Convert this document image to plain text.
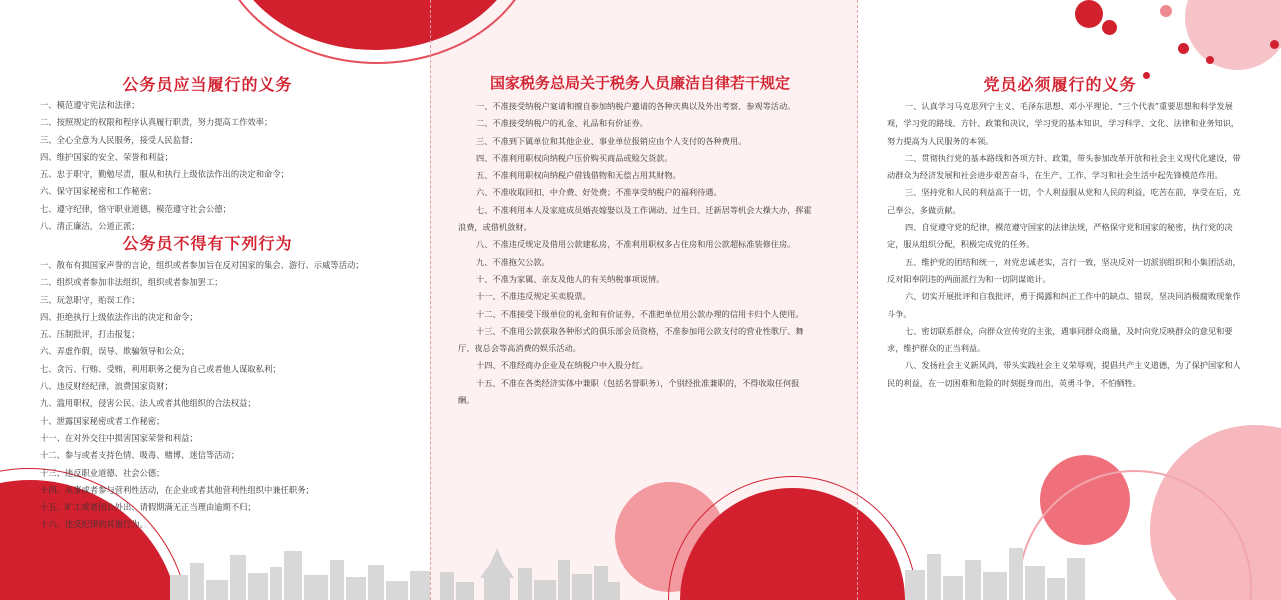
公务员应当履行的义务
一、模范遵守宪法和法律；
二、按照规定的权限和程序认真履行职责，努力提高工作效率；
三、全心全意为人民服务，接受人民监督；
四、维护国家的安全、荣誉和利益；
五、忠于职守，勤勉尽责，服从和执行上级依法作出的决定和命令；
六、保守国家秘密和工作秘密；
七、遵守纪律，恪守职业道德，模范遵守社会公德；
八、清正廉洁，公道正派；
公务员不得有下列行为
一、散布有损国家声誉的言论，组织或者参加旨在反对国家的集会、游行、示威等活动；
二、组织或者参加非法组织，组织或者参加罢工；
三、玩忽职守，贻误工作；
四、拒绝执行上级依法作出的决定和命令；
五、压制批评，打击报复；
六、弄虚作假，误导、欺骗领导和公众；
七、贪污、行贿、受贿，利用职务之便为自己或者他人谋取私利；
八、违反财经纪律，浪费国家资财；
九、滥用职权，侵害公民、法人或者其他组织的合法权益；
十、泄露国家秘密或者工作秘密；
十一、在对外交往中损害国家荣誉和利益；
十二、参与或者支持色情、吸毒、赌博、迷信等活动；
十三、违反职业道德、社会公德；
十四、从事或者参与营利性活动，在企业或者其他营利性组织中兼任职务；
十五、旷工或者因公外出、请假期满无正当理由逾期不归；
十六、违反纪律的其他行为。
国家税务总局关于税务人员廉洁自律若干规定

一、不准接受纳税户宴请和擅自参加纳税户邀请的各种庆典以及外出考察、参观等活动。

二、不准接受纳税户的礼金、礼品和有价证券。

三、不准到下属单位和其他企业、事业单位报销应由个人支付的各种费用。

四、不准利用职权向纳税户压价购买商品或赊欠货款。

五、不准利用职权向纳税户借钱借物和无偿占用其财物。

六、不准收取回扣、中介费、好处费；不准享受纳税户的福利待遇。

七、不准利用本人及家庭成员婚丧嫁娶以及工作调动、过生日、迁新居等机会大操大办，挥霍浪费，或借机敛财。

八、不准违反规定及借用公款建私房，不准利用职权多占住房和用公款超标准装修住房。

九、不准拖欠公款。

十、不准为家属、亲友及他人的有关纳税事项说情。

十一、不准违反规定买卖股票。

十二、不准接受下级单位的礼金和有价证券，不准把单位用公款办理的信用卡归个人使用。

十三、不准用公款获取各种形式的俱乐部会员资格，不准参加用公款支付的营业性歌厅、舞厅、夜总会等高消费的娱乐活动。

十四、不准经商办企业及在纳税户中入股分红。

十五、不准在各类经济实体中兼职（包括名誉职务），个别经批准兼职的，不得收取任何报酬。

党员必须履行的义务

一、认真学习马克思列宁主义、毛泽东思想、邓小平理论、“三个代表”重要思想和科学发展观，学习党的路线、方针、政策和决议，学习党的基本知识，学习科学、文化、法律和业务知识，努力提高为人民服务的本领。

二、贯彻执行党的基本路线和各项方针、政策，带头参加改革开放和社会主义现代化建设，带动群众为经济发展和社会进步艰苦奋斗，在生产、工作、学习和社会生活中起先锋模范作用。

三、坚持党和人民的利益高于一切，个人利益服从党和人民的利益，吃苦在前，享受在后，克己奉公，多做贡献。

四、自觉遵守党的纪律，模范遵守国家的法律法规，严格保守党和国家的秘密，执行党的决定，服从组织分配，积极完成党的任务。

五、维护党的团结和统一，对党忠诚老实，言行一致，坚决反对一切派别组织和小集团活动，反对阳奉阴违的两面派行为和一切阴谋诡计。

六、切实开展批评和自我批评，勇于揭露和纠正工作中的缺点、错误，坚决同消极腐败现象作斗争。

七、密切联系群众，向群众宣传党的主张，遇事同群众商量，及时向党反映群众的意见和要求，维护群众的正当利益。

八、发扬社会主义新风尚，带头实践社会主义荣辱观，提倡共产主义道德，为了保护国家和人民的利益，在一切困难和危险的时刻挺身而出，英勇斗争，不怕牺牲。
